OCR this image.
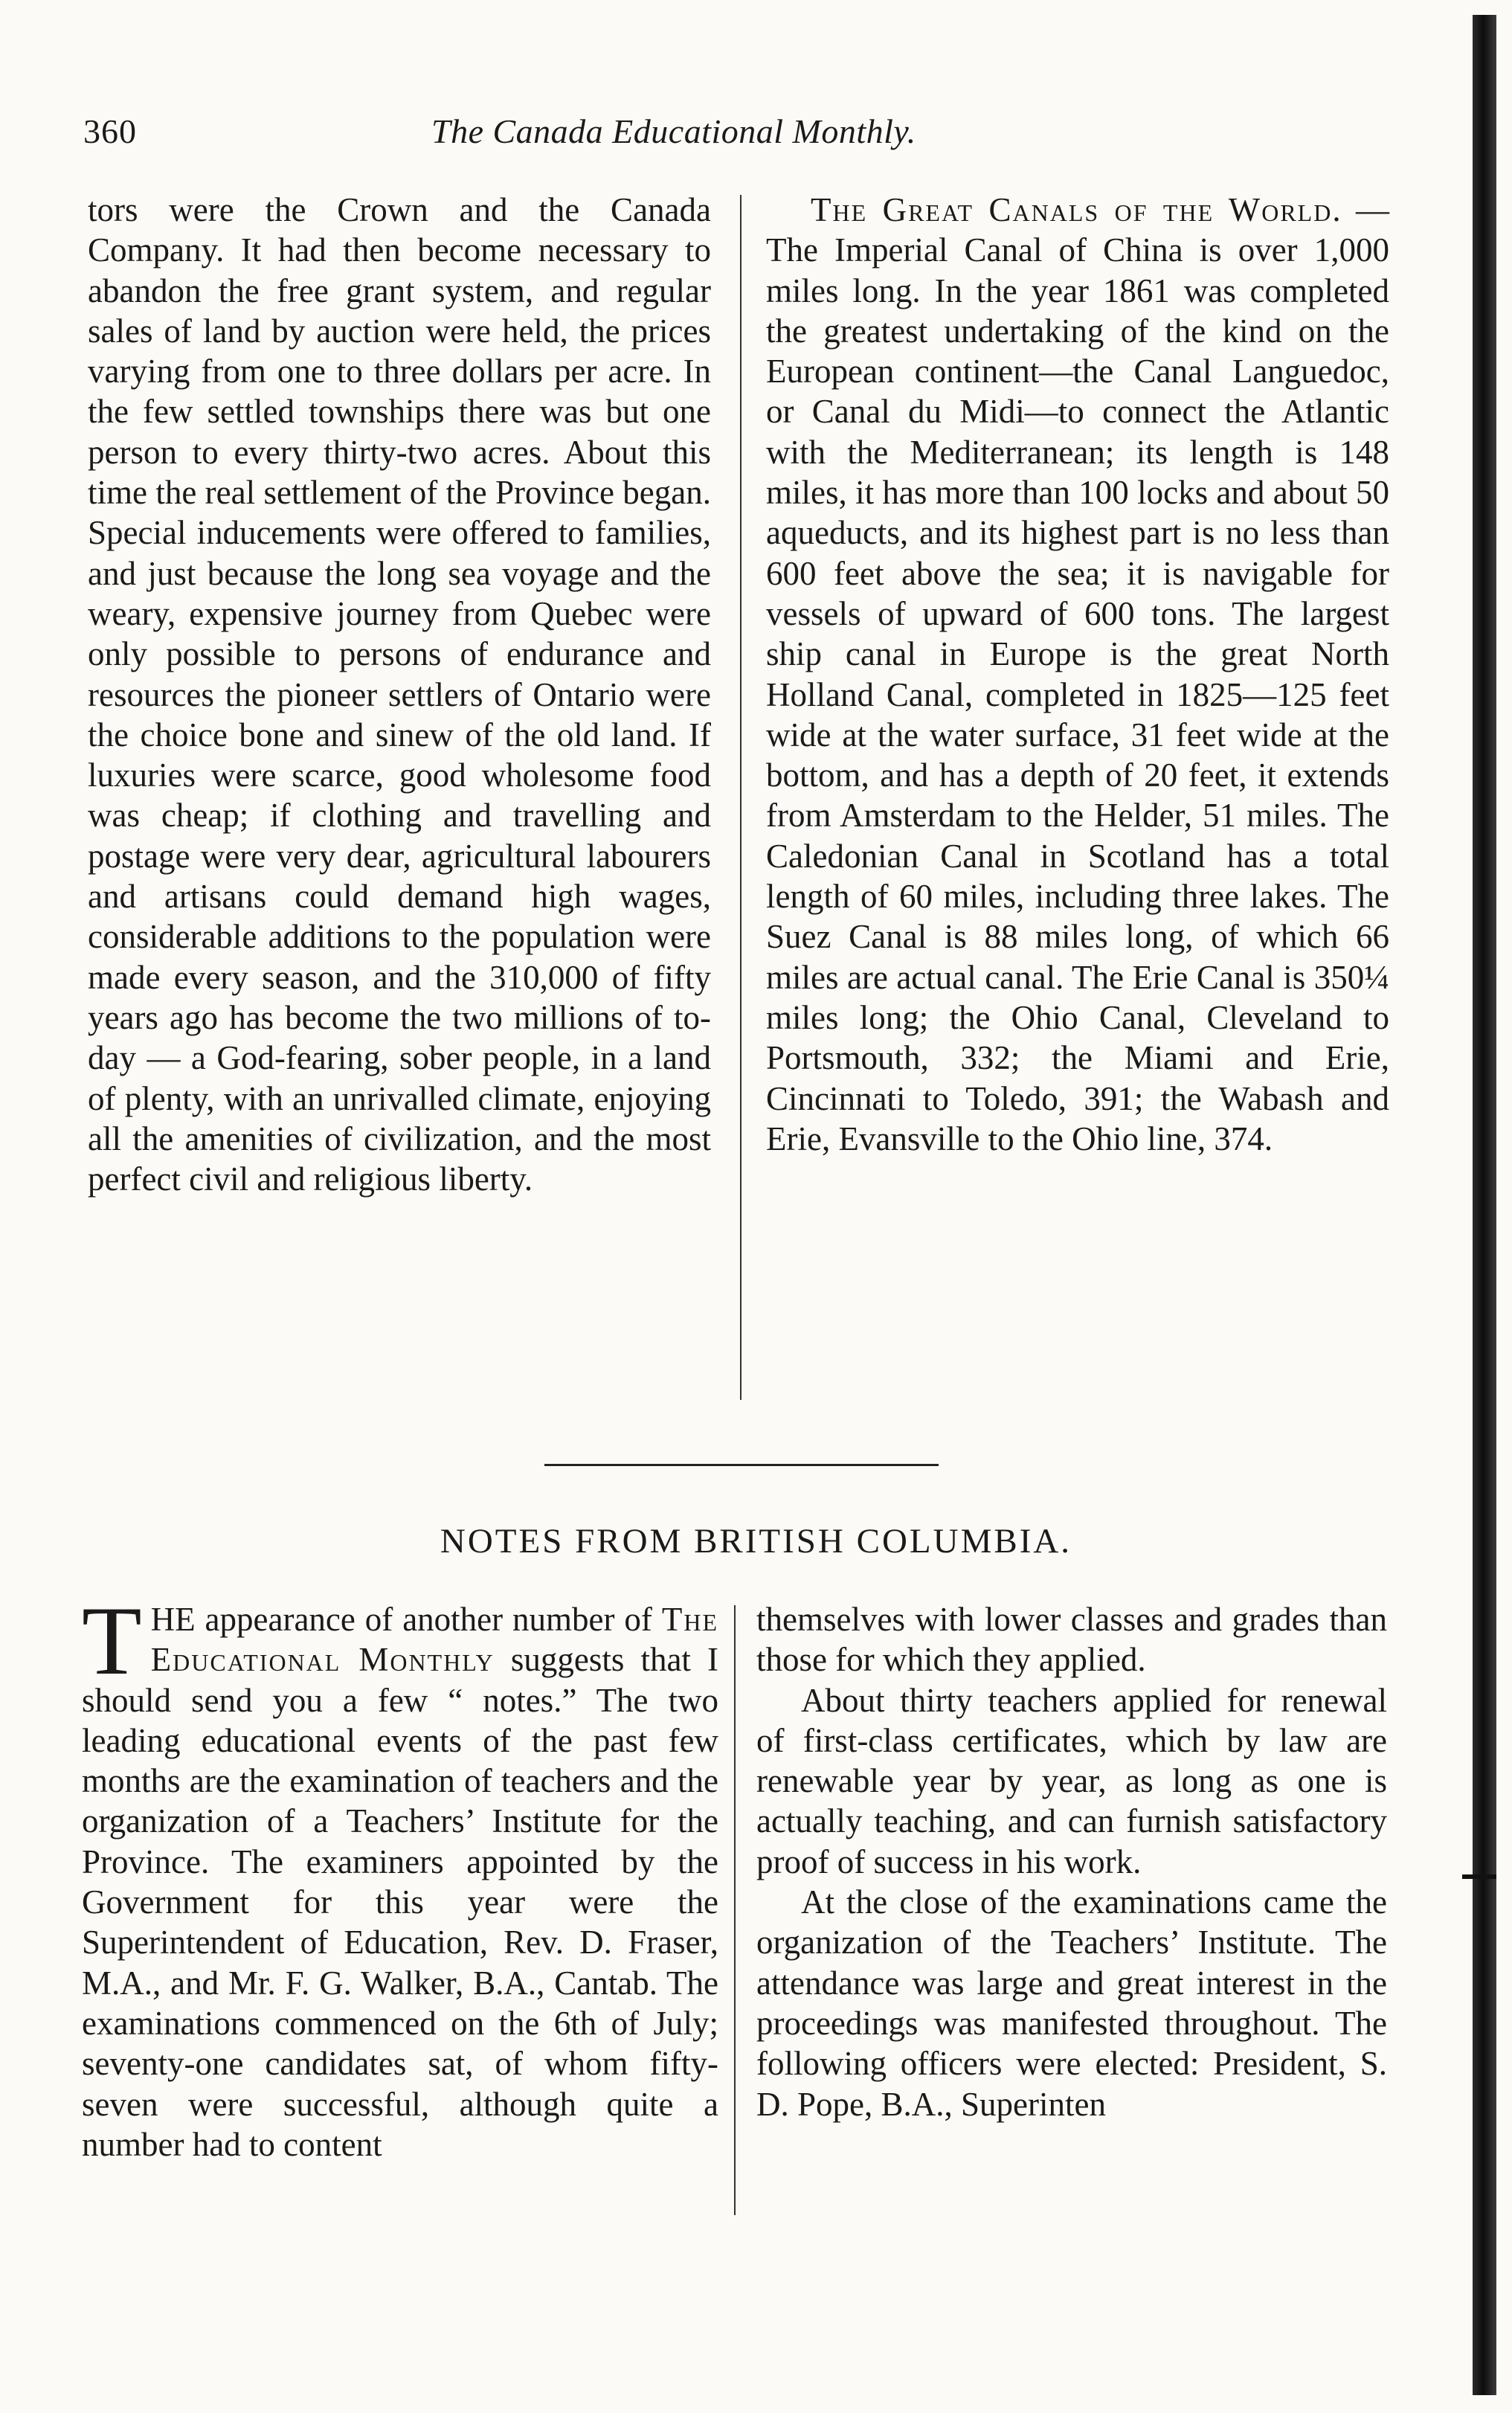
360	The Canada Educational Monthly.

tors were the Crown and the Canada Company. It had then become necessary to abandon the free grant system, and regular sales of land by auction were held, the prices varying from one to three dollars per acre. In the few settled townships there was but one person to every thirty-two acres. About this time the real settlement of the Province began. Special inducements were offered to families, and just because the long sea voyage and the weary, expensive journey from Quebec were only possible to persons of endurance and resources the pioneer settlers of Ontario were the choice bone and sinew of the old land. If luxuries were scarce, good wholesome food was cheap; if clothing and travelling and postage were very dear, agricultural labourers and artisans could demand high wages, considerable additions to the population were made every season, and the 310,000 of fifty years ago has become the two millions of to-day — a God-fearing, sober people, in a land of plenty, with an unrivalled climate, enjoying all the amenities of civilization, and the most perfect civil and religious liberty.

The Great Canals of the World. — The Imperial Canal of China is over 1,000 miles long. In the year 1861 was completed the greatest undertaking of the kind on the European continent—the Canal Languedoc, or Canal du Midi—to connect the Atlantic with the Mediterranean; its length is 148 miles, it has more than 100 locks and about 50 aqueducts, and its highest part is no less than 600 feet above the sea; it is navigable for vessels of upward of 600 tons. The largest ship canal in Europe is the great North Holland Canal, completed in 1825—125 feet wide at the water surface, 31 feet wide at the bottom, and has a depth of 20 feet, it extends from Amsterdam to the Helder, 51 miles. The Caledonian Canal in Scotland has a total length of 60 miles, including three lakes. The Suez Canal is 88 miles long, of which 66 miles are actual canal. The Erie Canal is 350¼ miles long; the Ohio Canal, Cleveland to Portsmouth, 332; the Miami and Erie, Cincinnati to Toledo, 391; the Wabash and Erie, Evansville to the Ohio line, 374.

NOTES FROM BRITISH COLUMBIA.

THE appearance of another number of The Educational Monthly suggests that I should send you a few “ notes.” The two leading educational events of the past few months are the examination of teachers and the organization of a Teachers’ Institute for the Province. The examiners appointed by the Government for this year were the Superintendent of Education, Rev. D. Fraser, M.A., and Mr. F. G. Walker, B.A., Cantab. The examinations commenced on the 6th of July; seventy-one candidates sat, of whom fifty-seven were successful, although quite a number had to content

themselves with lower classes and grades than those for which they applied.

About thirty teachers applied for renewal of first-class certificates, which by law are renewable year by year, as long as one is actually teaching, and can furnish satisfactory proof of success in his work.

At the close of the examinations came the organization of the Teachers’ Institute. The attendance was large and great interest in the proceedings was manifested throughout. The following officers were elected: President, S. D. Pope, B.A., Superinten
